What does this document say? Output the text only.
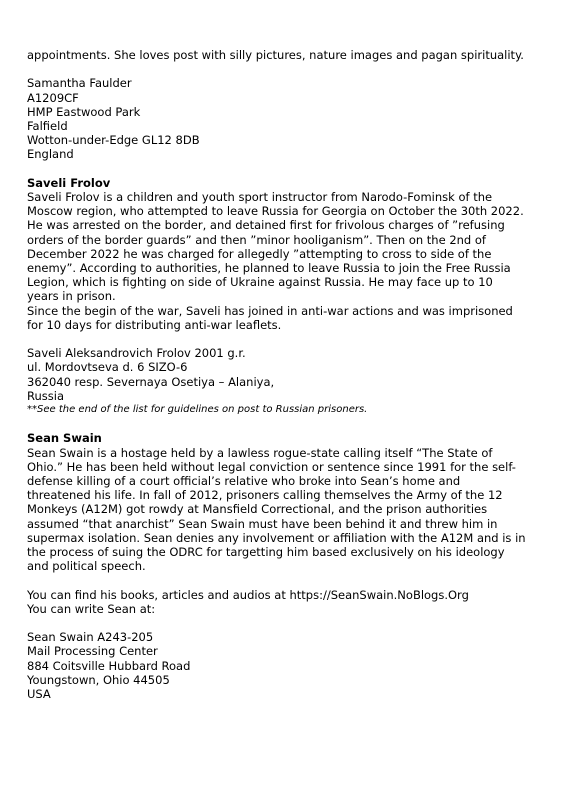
appointments. She loves post with silly pictures, nature images and pagan spirituality.

Samantha Faulder
A1209CF
HMP Eastwood Park
Falfield
Wotton-under-Edge GL12 8DB
England

Saveli Frolov

Saveli Frolov is a children and youth sport instructor from Narodo-Fominsk of the Moscow region, who attempted to leave Russia for Georgia on October the 30th 2022. He was arrested on the border, and detained first for frivolous charges of ”refusing orders of the border guards” and then ”minor hooliganism”. Then on the 2nd of December 2022 he was charged for allegedly ”attempting to cross to side of the enemy”. According to authorities, he planned to leave Russia to join the Free Russia Legion, which is fighting on side of Ukraine against Russia. He may face up to 10 years in prison.

Since the begin of the war, Saveli has joined in anti-war actions and was imprisoned for 10 days for distributing anti-war leaflets.

Saveli Aleksandrovich Frolov 2001 g.r.
ul. Mordovtseva d. 6 SIZO-6
362040 resp. Severnaya Osetiya – Alaniya,
Russia

**See the end of the list for guidelines on post to Russian prisoners.

Sean Swain

Sean Swain is a hostage held by a lawless rogue-state calling itself “The State of Ohio.” He has been held without legal conviction or sentence since 1991 for the self-defense killing of a court official’s relative who broke into Sean’s home and threatened his life. In fall of 2012, prisoners calling themselves the Army of the 12 Monkeys (A12M) got rowdy at Mansfield Correctional, and the prison authorities assumed “that anarchist” Sean Swain must have been behind it and threw him in supermax isolation. Sean denies any involvement or affiliation with the A12M and is in the process of suing the ODRC for targetting him based exclusively on his ideology and political speech.

You can find his books, articles and audios at https://SeanSwain.NoBlogs.Org

You can write Sean at:

Sean Swain A243-205
Mail Processing Center
884 Coitsville Hubbard Road
Youngstown, Ohio 44505
USA
